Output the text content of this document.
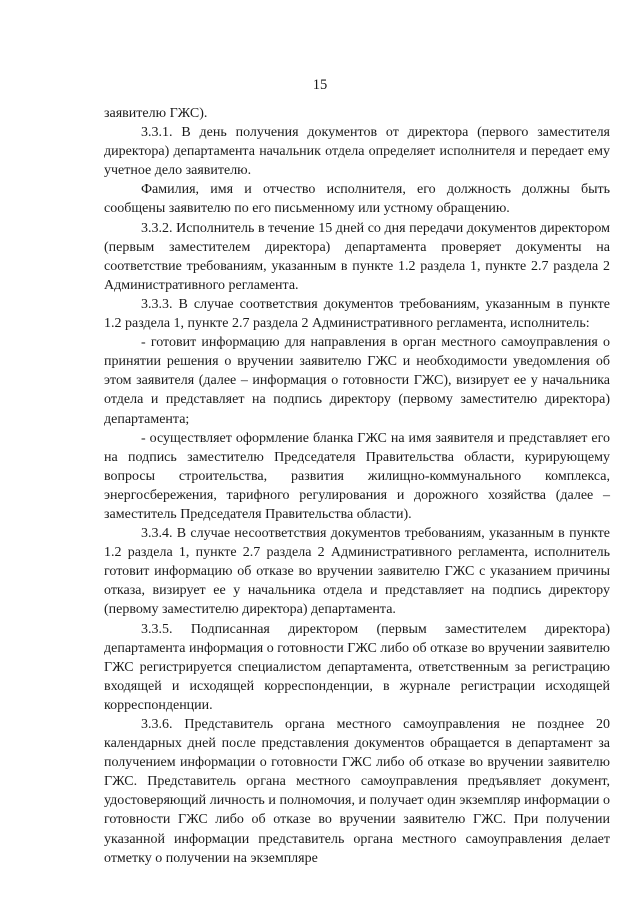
15

заявителю ГЖС).

3.3.1. В день получения документов от директора (первого заместителя директора) департамента начальник отдела определяет исполнителя и передает ему учетное дело заявителю.

Фамилия, имя и отчество исполнителя, его должность должны быть сообщены заявителю по его письменному или устному обращению.

3.3.2. Исполнитель в течение 15 дней со дня передачи документов директором (первым заместителем директора) департамента проверяет документы на соответствие требованиям, указанным в пункте 1.2 раздела 1, пункте 2.7 раздела 2 Административного регламента.

3.3.3. В случае соответствия документов требованиям, указанным в пункте 1.2 раздела 1, пункте 2.7 раздела 2 Административного регламента, исполнитель:

- готовит информацию для направления в орган местного самоуправления о принятии решения о вручении заявителю ГЖС и необходимости уведомления об этом заявителя (далее – информация о готовности ГЖС), визирует ее у начальника отдела и представляет на подпись директору (первому заместителю директора) департамента;

- осуществляет оформление бланка ГЖС на имя заявителя и представляет его на подпись заместителю Председателя Правительства области, курирующему вопросы строительства, развития жилищно-коммунального комплекса, энергосбережения, тарифного регулирования и дорожного хозяйства (далее – заместитель Председателя Правительства области).

3.3.4. В случае несоответствия документов требованиям, указанным в пункте 1.2 раздела 1, пункте 2.7 раздела 2 Административного регламента, исполнитель готовит информацию об отказе во вручении заявителю ГЖС с указанием причины отказа, визирует ее у начальника отдела и представляет на подпись директору (первому заместителю директора) департамента.

3.3.5. Подписанная директором (первым заместителем директора) департамента информация о готовности ГЖС либо об отказе во вручении заявителю ГЖС регистрируется специалистом департамента, ответственным за регистрацию входящей и исходящей корреспонденции, в журнале регистрации исходящей корреспонденции.

3.3.6. Представитель органа местного самоуправления не позднее 20 календарных дней после представления документов обращается в департамент за получением информации о готовности ГЖС либо об отказе во вручении заявителю ГЖС. Представитель органа местного самоуправления предъявляет документ, удостоверяющий личность и полномочия, и получает один экземпляр информации о готовности ГЖС либо об отказе во вручении заявителю ГЖС. При получении указанной информации представитель органа местного самоуправления делает отметку о получении на экземпляре
